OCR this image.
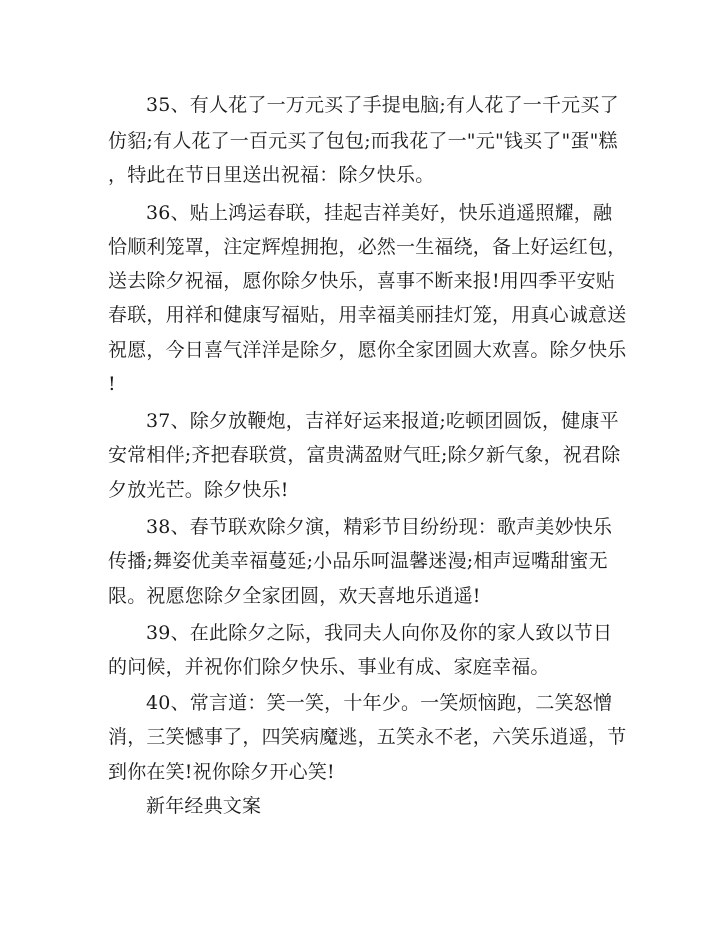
35、有人花了一万元买了手提电脑;有人花了一千元买了
仿貂;有人花了一百元买了包包;而我花了一"元"钱买了"蛋"糕
，特此在节日里送出祝福：除夕快乐。
36、贴上鸿运春联，挂起吉祥美好，快乐逍遥照耀，融
恰顺利笼罩，注定辉煌拥抱，必然一生福绕，备上好运红包，
送去除夕祝福，愿你除夕快乐，喜事不断来报!用四季平安贴
春联，用祥和健康写福贴，用幸福美丽挂灯笼，用真心诚意送
祝愿，今日喜气洋洋是除夕，愿你全家团圆大欢喜。除夕快乐
!
37、除夕放鞭炮，吉祥好运来报道;吃顿团圆饭，健康平
安常相伴;齐把春联赏，富贵满盈财气旺;除夕新气象，祝君除
夕放光芒。除夕快乐!
38、春节联欢除夕演，精彩节目纷纷现：歌声美妙快乐
传播;舞姿优美幸福蔓延;小品乐呵温馨迷漫;相声逗嘴甜蜜无
限。祝愿您除夕全家团圆，欢天喜地乐逍遥!
39、在此除夕之际，我同夫人向你及你的家人致以节日
的问候，并祝你们除夕快乐、事业有成、家庭幸福。
40、常言道：笑一笑，十年少。一笑烦恼跑，二笑怒憎
消，三笑憾事了，四笑病魔逃，五笑永不老，六笑乐逍遥，节
到你在笑!祝你除夕开心笑!
新年经典文案
